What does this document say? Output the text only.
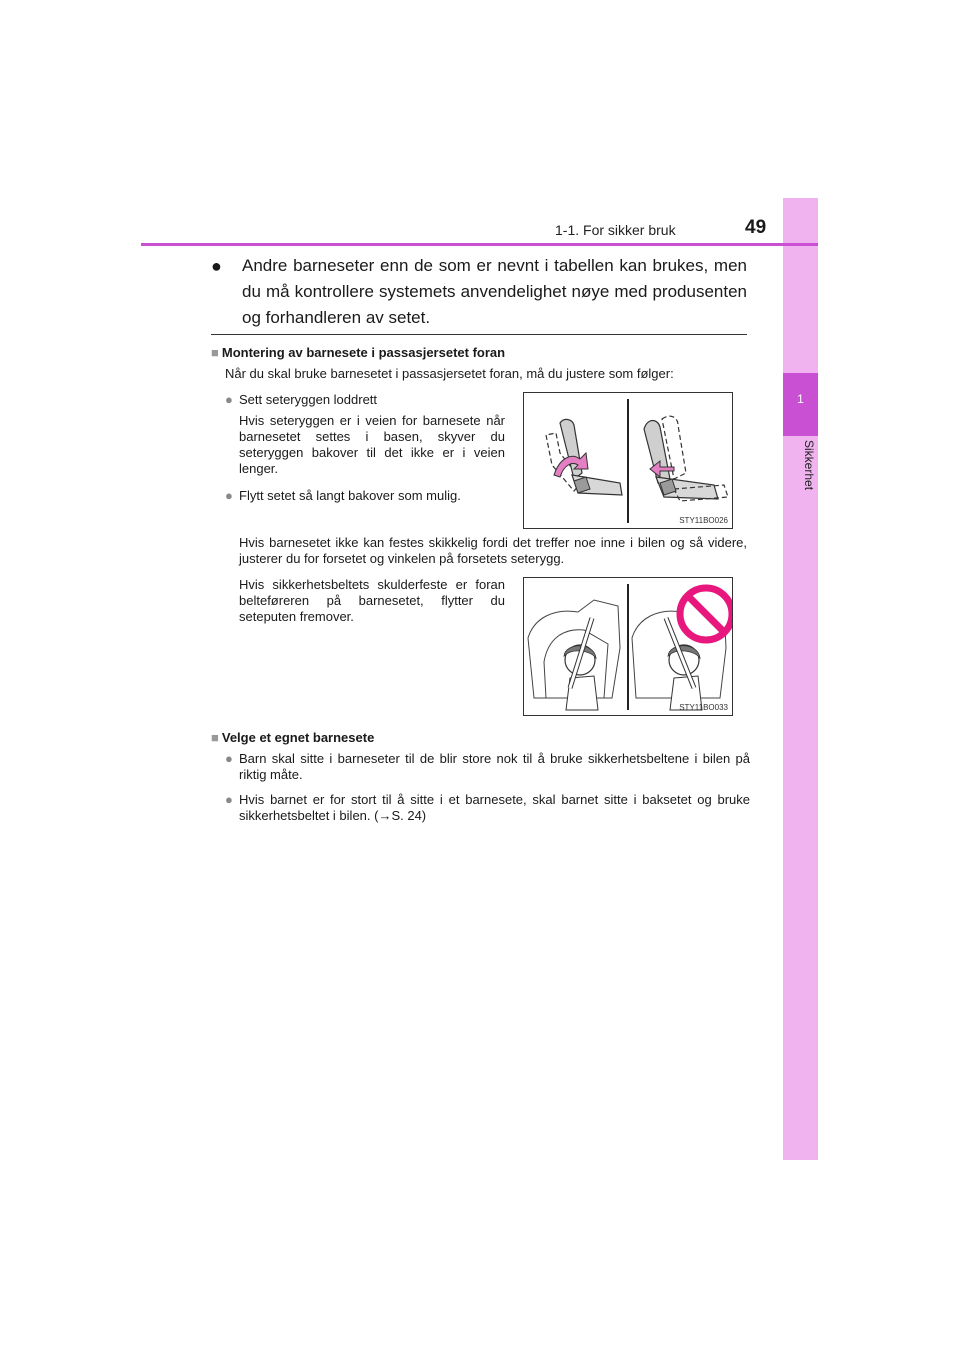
1
Sikkerhet
1-1. For sikker bruk	49
●	Andre barneseter enn de som er nevnt i tabellen kan brukes, men du må kontrollere systemets anvendelighet nøye med produsenten og forhandleren av setet.
■ Montering av barnesete i passasjersetet foran
Når du skal bruke barnesetet i passasjersetet foran, må du justere som følger:
● Sett seteryggen loddrett
Hvis seteryggen er i veien for barnesete når barnesetet settes i basen, skyver du seteryggen bakover til det ikke er i veien lenger.
● Flytt setet så langt bakover som mulig.
STY11BO026
Hvis barnesetet ikke kan festes skikkelig fordi det treffer noe inne i bilen og så videre, justerer du for forsetet og vinkelen på forsetets seterygg.
Hvis sikkerhetsbeltets skulderfeste er foran belteføreren på barnesetet, flytter du seteputen fremover.
STY11BO033
■ Velge et egnet barnesete
● Barn skal sitte i barneseter til de blir store nok til å bruke sikkerhetsbeltene i bilen på riktig måte.
● Hvis barnet er for stort til å sitte i et barnesete, skal barnet sitte i baksetet og bruke sikkerhetsbeltet i bilen. (→S. 24)
